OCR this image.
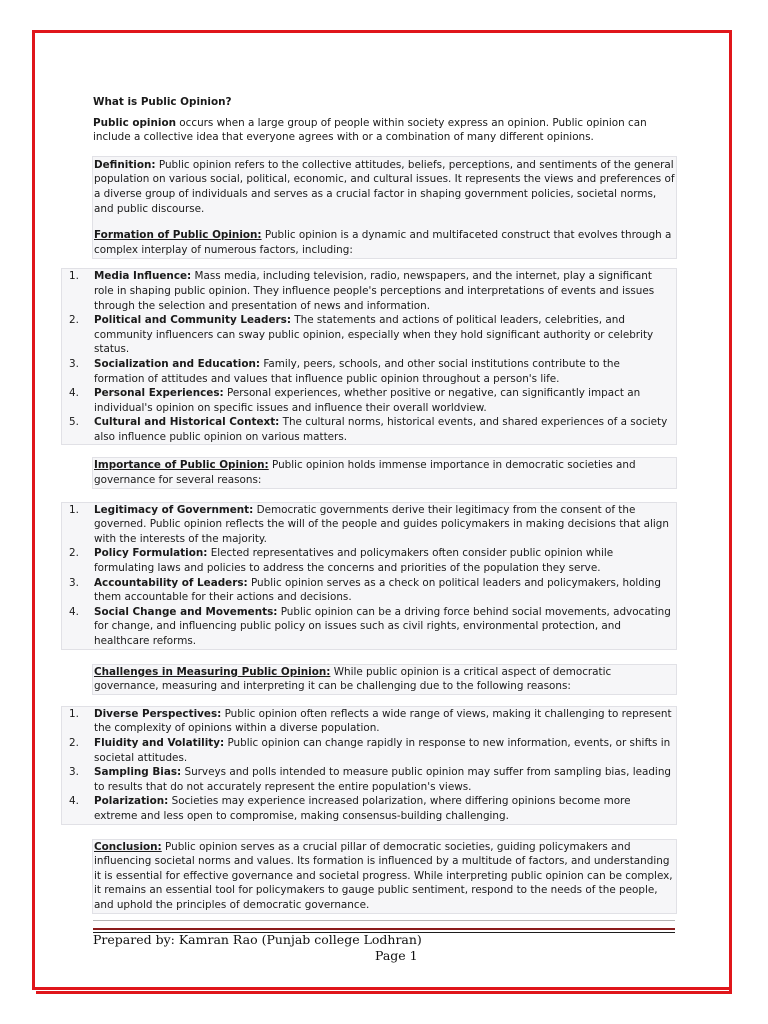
What is Public Opinion?

Public opinion occurs when a large group of people within society express an opinion. Public opinion can include a collective idea that everyone agrees with or a combination of many different opinions.

Definition: Public opinion refers to the collective attitudes, beliefs, perceptions, and sentiments of the general population on various social, political, economic, and cultural issues. It represents the views and preferences of a diverse group of individuals and serves as a crucial factor in shaping government policies, societal norms, and public discourse.

Formation of Public Opinion: Public opinion is a dynamic and multifaceted construct that evolves through a complex interplay of numerous factors, including:

1. Media Influence: Mass media, including television, radio, newspapers, and the internet, play a significant role in shaping public opinion. They influence people's perceptions and interpretations of events and issues through the selection and presentation of news and information.
2. Political and Community Leaders: The statements and actions of political leaders, celebrities, and community influencers can sway public opinion, especially when they hold significant authority or celebrity status.
3. Socialization and Education: Family, peers, schools, and other social institutions contribute to the formation of attitudes and values that influence public opinion throughout a person's life.
4. Personal Experiences: Personal experiences, whether positive or negative, can significantly impact an individual's opinion on specific issues and influence their overall worldview.
5. Cultural and Historical Context: The cultural norms, historical events, and shared experiences of a society also influence public opinion on various matters.

Importance of Public Opinion: Public opinion holds immense importance in democratic societies and governance for several reasons:

1. Legitimacy of Government: Democratic governments derive their legitimacy from the consent of the governed. Public opinion reflects the will of the people and guides policymakers in making decisions that align with the interests of the majority.
2. Policy Formulation: Elected representatives and policymakers often consider public opinion while formulating laws and policies to address the concerns and priorities of the population they serve.
3. Accountability of Leaders: Public opinion serves as a check on political leaders and policymakers, holding them accountable for their actions and decisions.
4. Social Change and Movements: Public opinion can be a driving force behind social movements, advocating for change, and influencing public policy on issues such as civil rights, environmental protection, and healthcare reforms.

Challenges in Measuring Public Opinion: While public opinion is a critical aspect of democratic governance, measuring and interpreting it can be challenging due to the following reasons:

1. Diverse Perspectives: Public opinion often reflects a wide range of views, making it challenging to represent the complexity of opinions within a diverse population.
2. Fluidity and Volatility: Public opinion can change rapidly in response to new information, events, or shifts in societal attitudes.
3. Sampling Bias: Surveys and polls intended to measure public opinion may suffer from sampling bias, leading to results that do not accurately represent the entire population's views.
4. Polarization: Societies may experience increased polarization, where differing opinions become more extreme and less open to compromise, making consensus-building challenging.

Conclusion: Public opinion serves as a crucial pillar of democratic societies, guiding policymakers and influencing societal norms and values. Its formation is influenced by a multitude of factors, and understanding it is essential for effective governance and societal progress. While interpreting public opinion can be complex, it remains an essential tool for policymakers to gauge public sentiment, respond to the needs of the people, and uphold the principles of democratic governance.

Prepared by: Kamran Rao (Punjab college Lodhran)
Page 1
